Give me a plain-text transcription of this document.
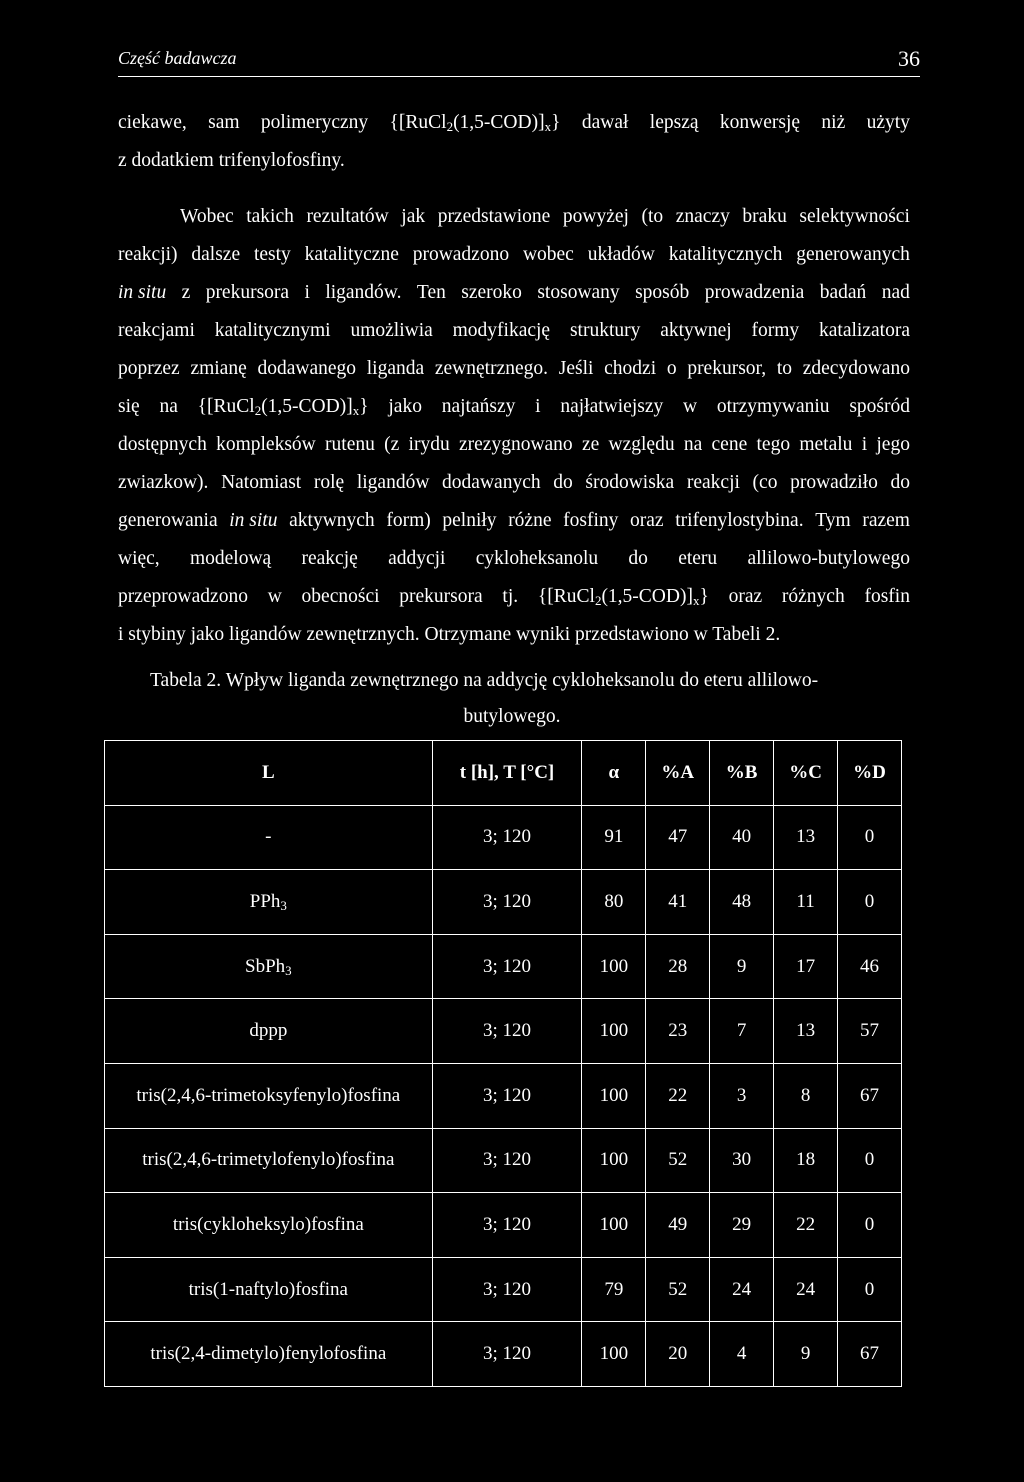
Część badawcza	36
ciekawe, sam polimeryczny $\{[RuCl_2(1,5-COD)]_x\}$ dawał lepszą konwersję niż użyty
z dodatkiem trifenylofosfiny.
Wobec takich rezultatów jak przedstawione powyżej (to znaczy braku selektywności
reakcji) dalsze testy katalityczne prowadzono wobec układów katalitycznych generowanych
in situ z prekursora i ligandów. Ten szeroko stosowany sposób prowadzenia badań nad
reakcjami katalitycznymi umożliwia modyfikację struktury aktywnej formy katalizatora
poprzez zmianę dodawanego liganda zewnętrznego. Jeśli chodzi o prekursor, to zdecydowano
się na $\{[RuCl_2(1,5-COD)]_x\}$ jako najtańszy i najłatwiejszy w otrzymywaniu spośród
dostępnych kompleksów rutenu (z irydu zrezygnowano ze względu na cene tego metalu i jego
zwiazkow). Natomiast rolę ligandów dodawanych do środowiska reakcji (co prowadziło do
generowania in situ aktywnych form) pelniły różne fosfiny oraz trifenylostybina. Tym razem
więc, modelową reakcję addycji cykloheksanolu do eteru allilowo-butylowego
przeprowadzono w obecności prekursora tj. $\{[RuCl_2(1,5-COD)]_x\}$ oraz różnych fosfin
i stybiny jako ligandów zewnętrznych. Otrzymane wyniki przedstawiono w Tabeli 2.
Tabela 2. Wpływ liganda zewnętrznego na addycję cykloheksanolu do eteru allilowo-
butylowego.
L	t [h], T [°C]	α	%A	%B	%C	%D
-	3; 120	91	47	40	13	0
PPh$_3$	3; 120	80	41	48	11	0
SbPh$_3$	3; 120	100	28	9	17	46
dppp	3; 120	100	23	7	13	57
tris(2,4,6-trimetoksyfenylo)fosfina	3; 120	100	22	3	8	67
tris(2,4,6-trimetylofenylo)fosfina	3; 120	100	52	30	18	0
tris(cykloheksylo)fosfina	3; 120	100	49	29	22	0
tris(1-naftylo)fosfina	3; 120	79	52	24	24	0
tris(2,4-dimetylo)fenylofosfina	3; 120	100	20	4	9	67
